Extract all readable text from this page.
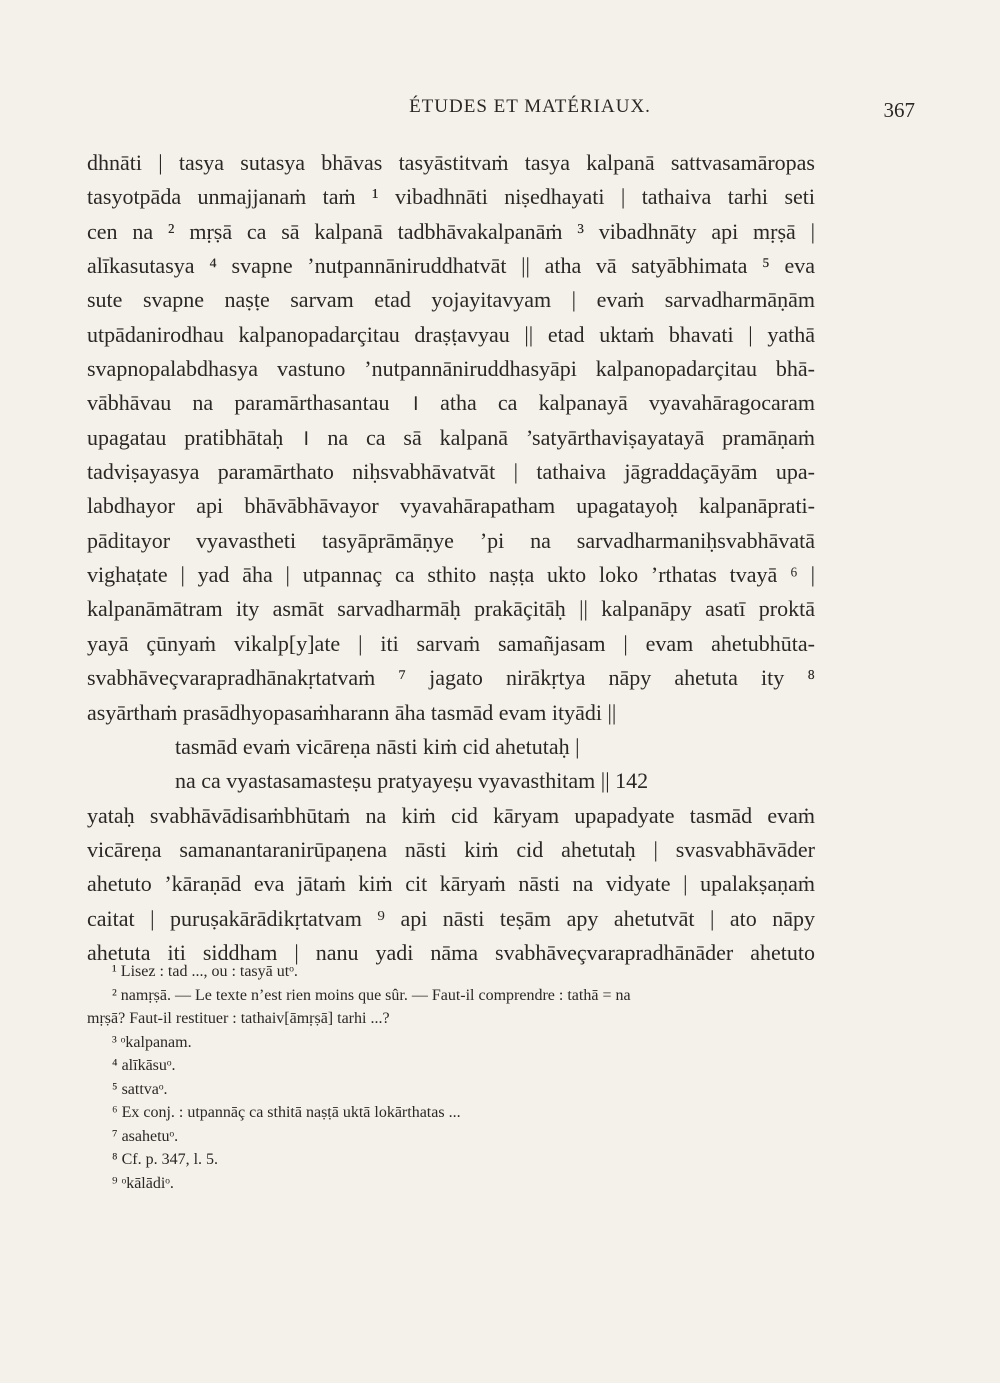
ÉTUDES ET MATÉRIAUX.	367
dhnāti | tasya sutasya bhāvas tasyāstitvaṁ tasya kalpanā sattvasamāropas
tasyotpāda unmajjanaṁ taṁ ¹ vibadhnāti niṣedhayati | tathaiva tarhi seti
cen na ² mṛṣā ca sā kalpanā tadbhāvakalpanāṁ ³ vibadhnāty api mṛṣā |
alīkasutasya ⁴ svapne ’nutpannāniruddhatvāt || atha vā satyābhimata ⁵ eva
sute svapne naṣṭe sarvam etad yojayitavyam | evaṁ sarvadharmāṇām
utpādanirodhau kalpanopadarçitau draṣṭavyau || etad uktaṁ bhavati | yathā
svapnopalabdhasya vastuno ’nutpannāniruddhasyāpi kalpanopadarçitau bhā-
vābhāvau na paramārthasantau । atha ca kalpanayā vyavahāragocaram
upagatau pratibhātaḥ । na ca sā kalpanā ’satyārthaviṣayatayā pramāṇaṁ
tadviṣayasya paramārthato niḥsvabhāvatvāt | tathaiva jāgraddaçāyām upa-
labdhayor api bhāvābhāvayor vyavahārapatham upagatayoḥ kalpanāprati-
pāditayor vyavastheti tasyāprāmāṇye ’pi na sarvadharmaniḥsvabhāvatā
vighaṭate | yad āha | utpannaç ca sthito naṣṭa ukto loko ’rthatas tvayā ⁶ |
kalpanāmātram ity asmāt sarvadharmāḥ prakāçitāḥ || kalpanāpy asatī proktā
yayā çūnyaṁ vikalp[y]ate | iti sarvaṁ samañjasam | evam ahetubhūta-
svabhāveçvarapradhānakṛtatvaṁ ⁷ jagato nirākṛtya nāpy ahetuta ity ⁸
asyārthaṁ prasādhyopasaṁharann āha tasmād evam ityādi ||
tasmād evaṁ vicāreṇa nāsti kiṁ cid ahetutaḥ |
na ca vyastasamasteṣu pratyayeṣu vyavasthitam || 142
yataḥ svabhāvādisaṁbhūtaṁ na kiṁ cid kāryam upapadyate tasmād evaṁ
vicāreṇa samanantaranirūpaṇena nāsti kiṁ cid ahetutaḥ | svasvabhāvāder
ahetuto ’kāraṇād eva jātaṁ kiṁ cit kāryaṁ nāsti na vidyate | upalakṣaṇaṁ
caitat | puruṣakārādikṛtatvam ⁹ api nāsti teṣām apy ahetutvāt | ato nāpy
ahetuta iti siddham | nanu yadi nāma svabhāveçvarapradhānāder ahetuto
¹ Lisez : tad ..., ou : tasyā utᵒ.
² namṛṣā. — Le texte n’est rien moins que sûr. — Faut-il comprendre : tathā = na
mṛṣā? Faut-il restituer : tathaiv[āmṛṣā] tarhi ...?
³ ᵒkalpanam.
⁴ alīkāsuᵒ.
⁵ sattvaᵒ.
⁶ Ex conj. : utpannāç ca sthitā naṣṭā uktā lokārthatas ...
⁷ asahetuᵒ.
⁸ Cf. p. 347, l. 5.
⁹ ᵒkālādiᵒ.
